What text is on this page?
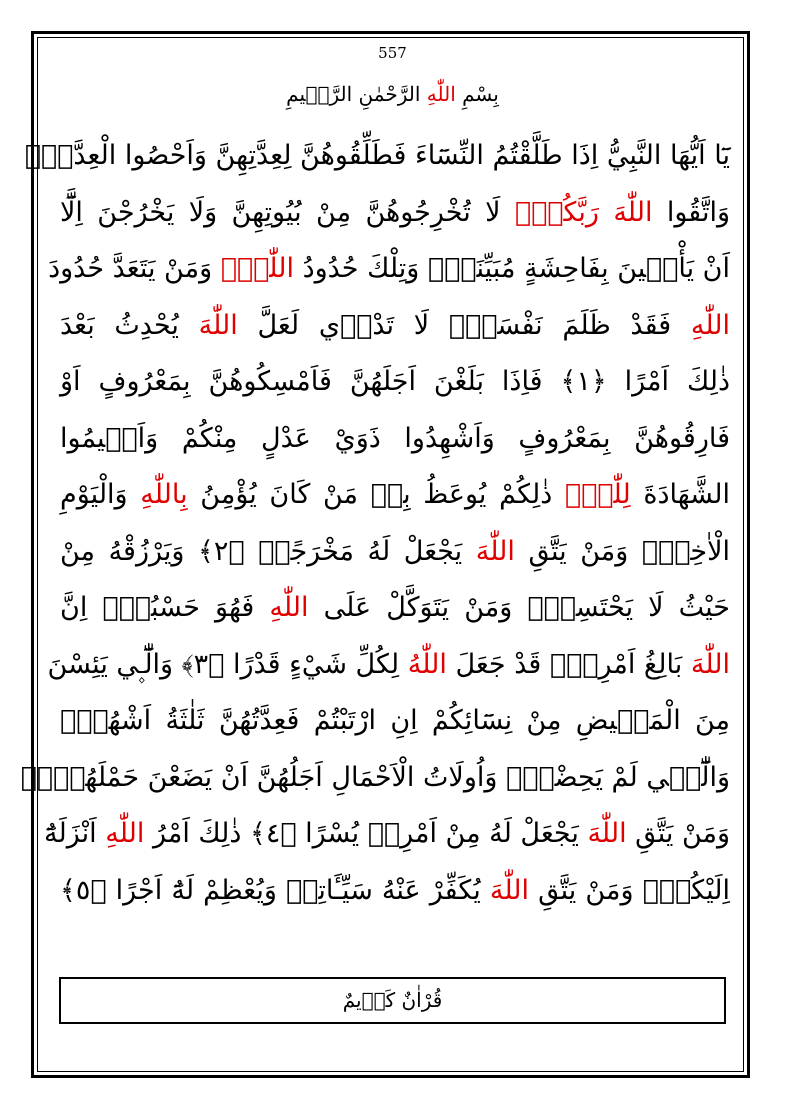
557
بِسْمِ اللّٰهِ الرَّحْمٰنِ الرَّح۪يمِ
يَٓا اَيُّهَا النَّبِيُّ اِذَا طَلَّقْتُمُ النِّسَٓاءَ فَطَلِّقُوهُنَّ لِعِدَّتِهِنَّ وَاَحْصُوا الْعِدَّةَۚ
وَاتَّقُوا اللّٰهَ رَبَّكُمْۚ لَا تُخْرِجُوهُنَّ مِنْ بُيُوتِهِنَّ وَلَا يَخْرُجْنَ اِلَّٓا
اَنْ يَأْت۪ينَ بِفَاحِشَةٍ مُبَيِّنَةٍۜ وَتِلْكَ حُدُودُ اللّٰهِۜ وَمَنْ يَتَعَدَّ حُدُودَ
اللّٰهِ فَقَدْ ظَلَمَ نَفْسَهُۜ لَا تَدْر۪ي لَعَلَّ اللّٰهَ يُحْدِثُ بَعْدَ
ذٰلِكَ اَمْرًا ﴿١﴾ فَاِذَا بَلَغْنَ اَجَلَهُنَّ فَاَمْسِكُوهُنَّ بِمَعْرُوفٍ اَوْ
فَارِقُوهُنَّ بِمَعْرُوفٍ وَاَشْهِدُوا ذَوَيْ عَدْلٍ مِنْكُمْ وَاَق۪يمُوا
الشَّهَادَةَ لِلّٰهِۜ ذٰلِكُمْ يُوعَظُ بِه۪ مَنْ كَانَ يُؤْمِنُ بِاللّٰهِ وَالْيَوْمِ
الْاٰخِرِۜ وَمَنْ يَتَّقِ اللّٰهَ يَجْعَلْ لَهُ مَخْرَجًاۙ ﴿٢﴾ وَيَرْزُقْهُ مِنْ
حَيْثُ لَا يَحْتَسِبُۜ وَمَنْ يَتَوَكَّلْ عَلَى اللّٰهِ فَهُوَ حَسْبُهُۜ اِنَّ
اللّٰهَ بَالِغُ اَمْرِه۪ۜ قَدْ جَعَلَ اللّٰهُ لِكُلِّ شَيْءٍ قَدْرًا ﴿٣﴾ وَالّٰٓـ۪ي يَئِسْنَ
مِنَ الْمَح۪يضِ مِنْ نِسَٓائِكُمْ اِنِ ارْتَبْتُمْ فَعِدَّتُهُنَّ ثَلٰثَةُ اَشْهُرٍۙ
وَالّٰٓـ۪ي لَمْ يَحِضْنَۜ وَاُولَاتُ الْاَحْمَالِ اَجَلُهُنَّ اَنْ يَضَعْنَ حَمْلَهُنَّۜ
وَمَنْ يَتَّقِ اللّٰهَ يَجْعَلْ لَهُ مِنْ اَمْرِه۪ يُسْرًا ﴿٤﴾ ذٰلِكَ اَمْرُ اللّٰهِ اَنْزَلَهُٓ
اِلَيْكُمْۜ وَمَنْ يَتَّقِ اللّٰهَ يُكَفِّرْ عَنْهُ سَيِّـَٔاتِه۪ وَيُعْظِمْ لَهُٓ اَجْرًا ﴿٥﴾
قُرْاٰنٌ كَر۪يمٌ
